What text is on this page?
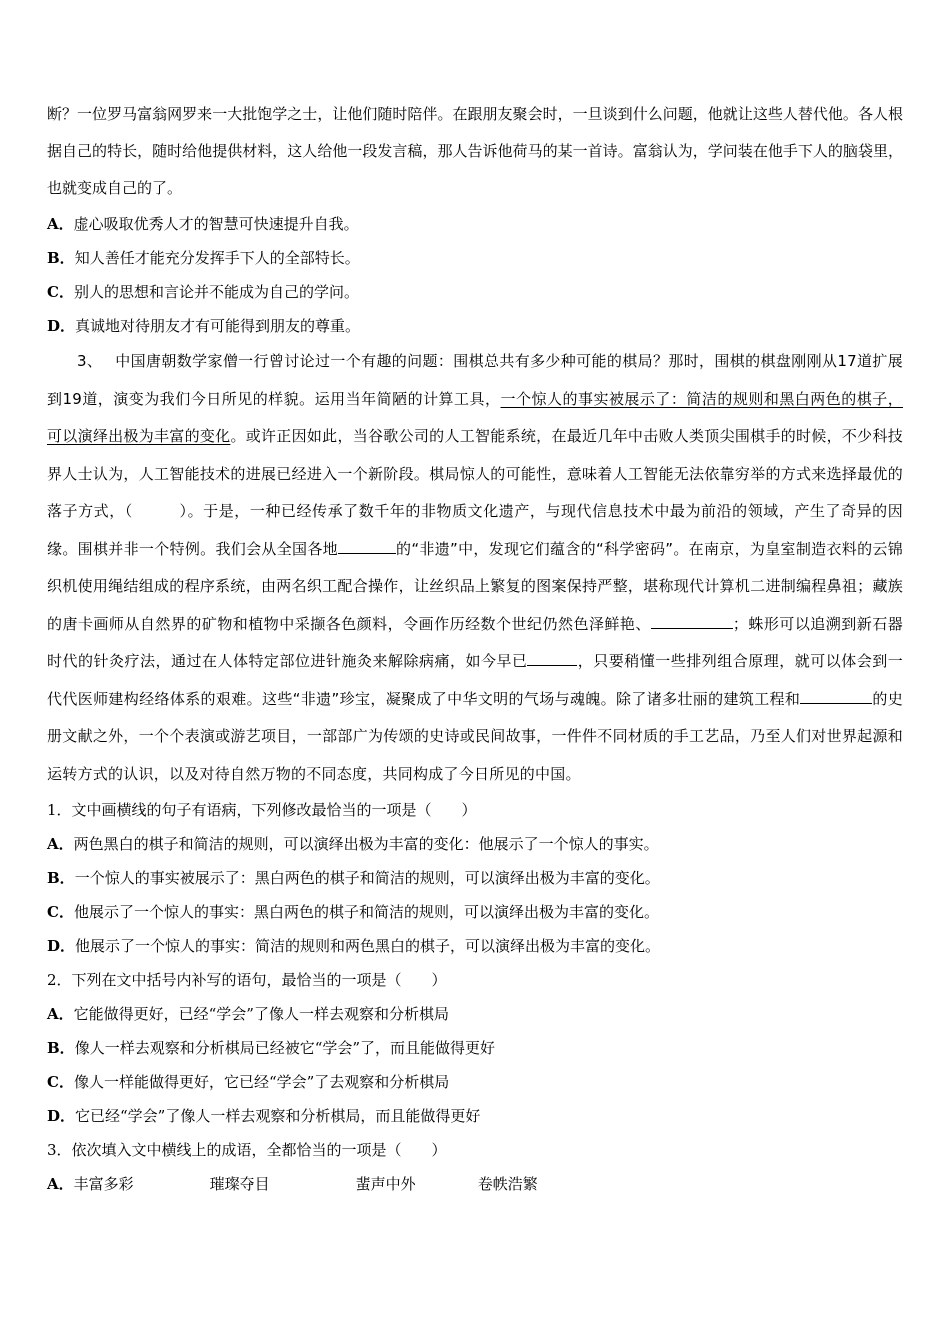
断？一位罗马富翁网罗来一大批饱学之士，让他们随时陪伴。在跟朋友聚会时，一旦谈到什么问题，他就让这些人替代他。各人根据自己的特长，随时给他提供材料，这人给他一段发言稿，那人告诉他荷马的某一首诗。富翁认为，学问装在他手下人的脑袋里，也就变成自己的了。

A．虚心吸取优秀人才的智慧可快速提升自我。

B．知人善任才能充分发挥手下人的全部特长。

C．别人的思想和言论并不能成为自己的学问。

D．真诚地对待朋友才有可能得到朋友的尊重。

3、　 中国唐朝数学家僧一行曾讨论过一个有趣的问题：围棋总共有多少种可能的棋局？那时，围棋的棋盘刚刚从17道扩展到19道，演变为我们今日所见的样貌。运用当年简陋的计算工具，一个惊人的事实被展示了：简洁的规则和黑白两色的棋子，可以演绎出极为丰富的变化。或许正因如此，当谷歌公司的人工智能系统，在最近几年中击败人类顶尖围棋手的时候，不少科技界人士认为，人工智能技术的进展已经进入一个新阶段。棋局惊人的可能性，意味着人工智能无法依靠穷举的方式来选择最优的落子方式，（　　　）。于是，一种已经传承了数千年的非物质文化遗产，与现代信息技术中最为前沿的领域，产生了奇异的因缘。围棋并非一个特例。我们会从全国各地	的“非遗”中，发现它们蕴含的“科学密码”。在南京，为皇室制造衣料的云锦织机使用绳结组成的程序系统，由两名织工配合操作，让丝织品上繁复的图案保持严整，堪称现代计算机二进制编程鼻祖；藏族的唐卡画师从自然界的矿物和植物中采撷各色颜料，令画作历经数个世纪仍然色泽鲜艳、	；蛛形可以追溯到新石器时代的针灸疗法，通过在人体特定部位进针施灸来解除病痛，如今早已	，只要稍懂一些排列组合原理，就可以体会到一代代医师建构经络体系的艰难。这些“非遗”珍宝，凝聚成了中华文明的气场与魂魄。除了诸多壮丽的建筑工程和	的史册文献之外，一个个表演或游艺项目，一部部广为传颂的史诗或民间故事，一件件不同材质的手工艺品，乃至人们对世界起源和运转方式的认识，以及对待自然万物的不同态度，共同构成了今日所见的中国。

1．文中画横线的句子有语病，下列修改最恰当的一项是（　　）

A．两色黑白的棋子和简洁的规则，可以演绎出极为丰富的变化：他展示了一个惊人的事实。

B．一个惊人的事实被展示了：黑白两色的棋子和简洁的规则，可以演绎出极为丰富的变化。

C．他展示了一个惊人的事实：黑白两色的棋子和简洁的规则，可以演绎出极为丰富的变化。

D．他展示了一个惊人的事实：简洁的规则和两色黑白的棋子，可以演绎出极为丰富的变化。

2．下列在文中括号内补写的语句，最恰当的一项是（　　）

A．它能做得更好，已经“学会”了像人一样去观察和分析棋局

B．像人一样去观察和分析棋局已经被它“学会”了，而且能做得更好

C．像人一样能做得更好，它已经“学会”了去观察和分析棋局

D．它已经“学会”了像人一样去观察和分析棋局，而且能做得更好

3．依次填入文中横线上的成语，全都恰当的一项是（　　）

A．丰富多彩	璀璨夺目	蜚声中外	卷帙浩繁
